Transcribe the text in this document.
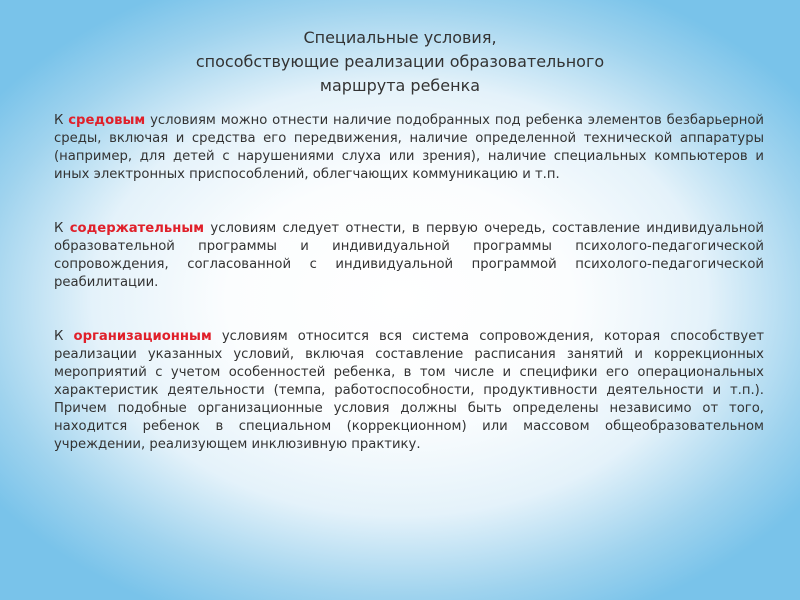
Специальные условия,
способствующие реализации образовательного
маршрута ребенка

К средовым условиям можно отнести наличие подобранных под ребенка элементов безбарьерной среды, включая и средства его передвижения, наличие определенной технической аппаратуры (например, для детей с нарушениями слуха или зрения), наличие специальных компьютеров и иных электронных приспособлений, облегчающих коммуникацию и т.п.

К содержательным условиям следует отнести, в первую очередь, составление индивидуальной образовательной программы и индивидуальной программы психолого-педагогической сопровождения, согласованной с индивидуальной программой психолого-педагогической реабилитации.

К организационным условиям относится вся система сопровождения, которая способствует реализации указанных условий, включая составление расписания занятий и коррекционных мероприятий с учетом особенностей ребенка, в том числе и специфики его операциональных характеристик деятельности (темпа, работоспособности, продуктивности деятельности и т.п.). Причем подобные организационные условия должны быть определены независимо от того, находится ребенок в специальном (коррекционном) или массовом общеобразовательном учреждении, реализующем инклюзивную практику.
